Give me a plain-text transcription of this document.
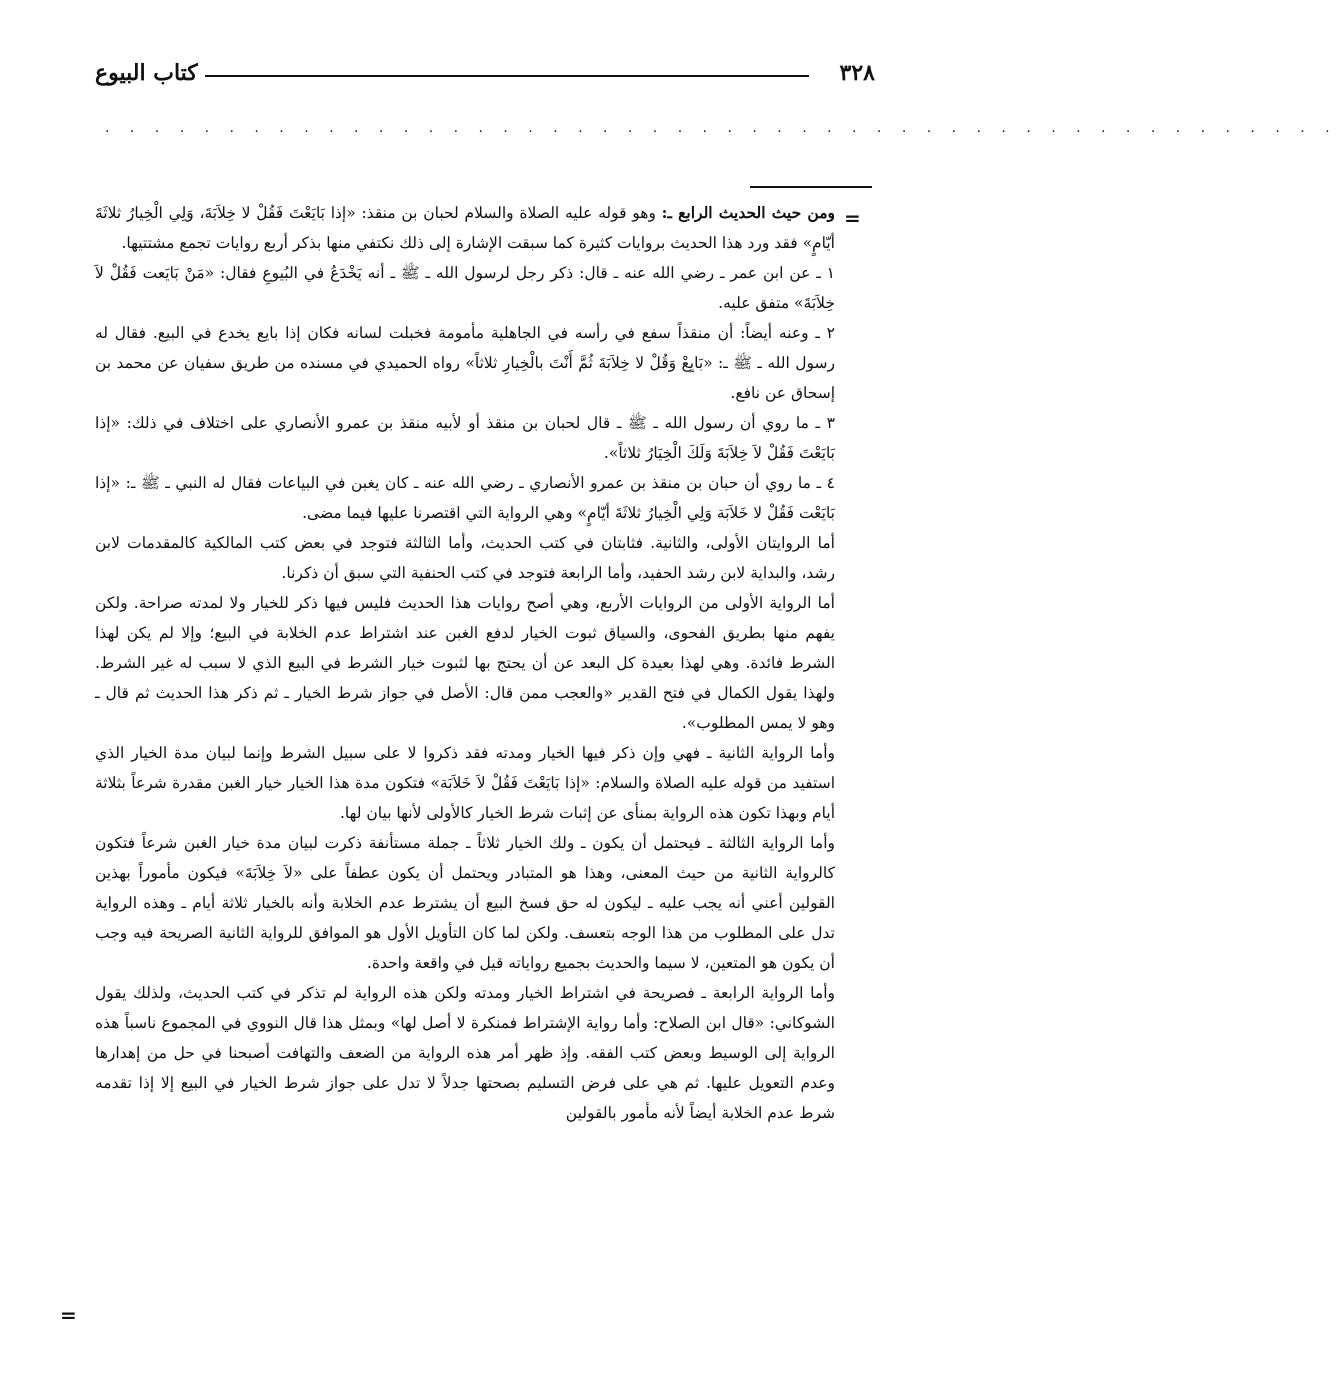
٣٢٨
كتاب البيوع
. . . . . . . . . . . . . . . . . . . . . . . . . . . . . . . . . . . . . . . . . . . . . . . . . .
=

ومن حيث الحديث الرابع ـ: وهو قوله عليه الصلاة والسلام لحبان بن منقذ: «إذا بَايَعْتَ فَقُلْ لا خِلاَبَةَ، وَلِي الْخِيارُ ثلاثَةَ أيّامٍ» فقد ورد هذا الحديث بروايات كثيرة كما سبقت الإشارة إلى ذلك نكتفي منها بذكر أربع روايات تجمع مشتتيها.

١ ـ عن ابن عمر ـ رضي الله عنه ـ قال: ذكر رجل لرسول الله ـ ﷺ ـ أنه يَخْدَعُ في البُيوعِ فقال: «مَنْ بَايَعت فَقُلْ لاَ خِلاَبَةَ» متفق عليه.

٢ ـ وعنه أيضاً: أن منقذاً سفع في رأسه في الجاهلية مأمومة فخبلت لسانه فكان إذا بايع يخدع في البيع. فقال له رسول الله ـ ﷺ ـ: «بَايِعْ وَقُلْ لا خِلاَبَةَ ثُمَّ أَنْتَ بالْخِيارِ ثلاثاً» رواه الحميدي في مسنده من طريق سفيان عن محمد بن إسحاق عن نافع.

٣ ـ ما روي أن رسول الله ـ ﷺ ـ قال لحبان بن منقذ أو لأبيه منقذ بن عمرو الأنصاري على اختلاف في ذلك: «إذا بَايَعْتَ فَقُلْ لاَ خِلاَبَةَ وَلَكَ الْخِيَارُ ثلاثاً».

٤ ـ ما روي أن حبان بن منقذ بن عمرو الأنصاري ـ رضي الله عنه ـ كان يغبن في البياعات فقال له النبي ـ ﷺ ـ: «إذا بَايَعْت فَقُلْ لا خَلاَبَة وَلِي الْخِيارُ ثلاثَةَ أيّامٍ» وهي الرواية التي اقتصرنا عليها فيما مضى.

أما الروايتان الأولى، والثانية. فثابتان في كتب الحديث، وأما الثالثة فتوجد في بعض كتب المالكية كالمقدمات لابن رشد، والبداية لابن رشد الحفيد، وأما الرابعة فتوجد في كتب الحنفية التي سبق أن ذكرنا.

أما الرواية الأولى من الروايات الأربع، وهي أصح روايات هذا الحديث فليس فيها ذكر للخيار ولا لمدته صراحة. ولكن يفهم منها بطريق الفحوى، والسياق ثبوت الخيار لدفع الغبن عند اشتراط عدم الخلابة في البيع؛ وإلا لم يكن لهذا الشرط فائدة. وهي لهذا بعيدة كل البعد عن أن يحتج بها لثبوت خيار الشرط في البيع الذي لا سبب له غير الشرط. ولهذا يقول الكمال في فتح القدير «والعجب ممن قال: الأصل في جواز شرط الخيار ـ ثم ذكر هذا الحديث ثم قال ـ وهو لا يمس المطلوب».

وأما الرواية الثانية ـ فهي وإن ذكر فيها الخيار ومدته فقد ذكروا لا على سبيل الشرط وإنما لبيان مدة الخيار الذي استفيد من قوله عليه الصلاة والسلام: «إذا بَايَعْتَ فَقُلْ لاَ خَلاَبَة» فتكون مدة هذا الخيار خيار الغبن مقدرة شرعاً بثلاثة أيام وبهذا تكون هذه الرواية بمنأى عن إثبات شرط الخيار كالأولى لأنها بيان لها.

وأما الرواية الثالثة ـ فيحتمل أن يكون ـ ولك الخيار ثلاثاً ـ جملة مستأنفة ذكرت لبيان مدة خيار الغبن شرعاً فتكون كالرواية الثانية من حيث المعنى، وهذا هو المتبادر ويحتمل أن يكون عطفاً على «لاَ خِلاَبَةَ» فيكون مأموراً بهذين القولين أعني أنه يجب عليه ـ ليكون له حق فسخ البيع أن يشترط عدم الخلابة وأنه بالخيار ثلاثة أيام ـ وهذه الرواية تدل على المطلوب من هذا الوجه بتعسف. ولكن لما كان التأويل الأول هو الموافق للرواية الثانية الصريحة فيه وجب أن يكون هو المتعين، لا سيما والحديث بجميع رواياته قيل في واقعة واحدة.

وأما الرواية الرابعة ـ فصريحة في اشتراط الخيار ومدته ولكن هذه الرواية لم تذكر في كتب الحديث، ولذلك يقول الشوكاني: «قال ابن الصلاح: وأما رواية الإشتراط فمنكرة لا أصل لها» وبمثل هذا قال النووي في المجموع ناسباً هذه الرواية إلى الوسيط وبعض كتب الفقه. وإذ ظهر أمر هذه الرواية من الضعف والتهافت أصبحنا في حل من إهدارها وعدم التعويل عليها. ثم هي على فرض التسليم بصحتها جدلاً لا تدل على جواز شرط الخيار في البيع إلا إذا تقدمه شرط عدم الخلابة أيضاً لأنه مأمور بالقولين

=
